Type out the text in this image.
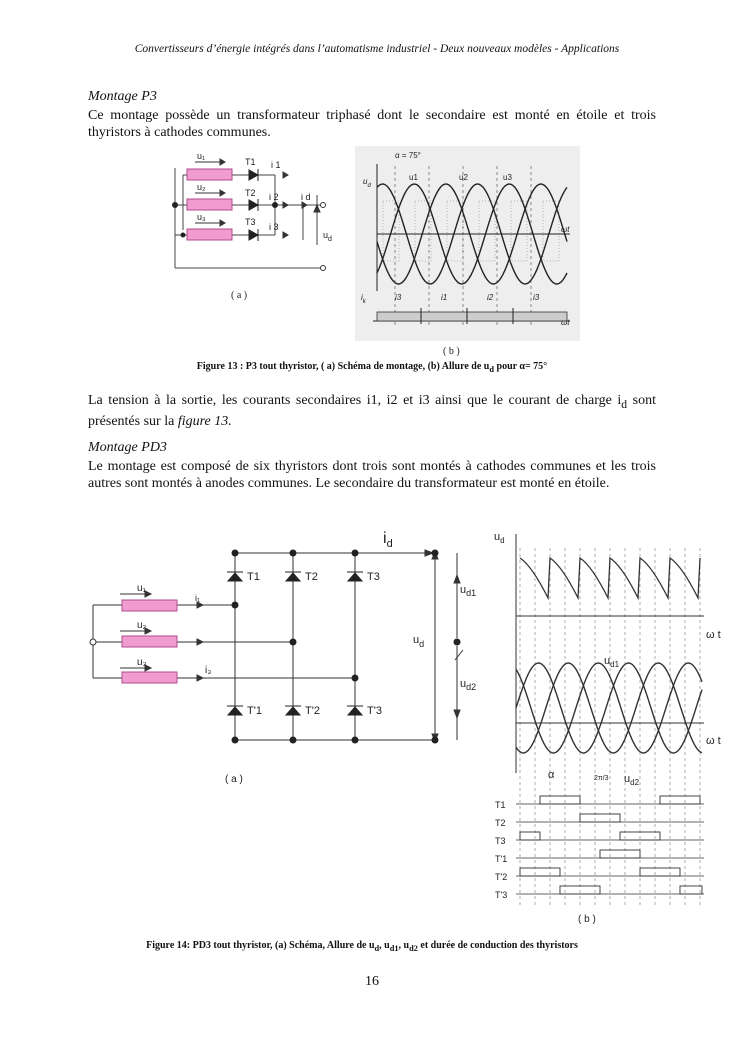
Convertisseurs d’énergie intégrés dans l’automatisme industriel - Deux nouveaux modèles - Applications
Montage P3
Ce montage possède un transformateur triphasé dont le secondaire est monté en étoile et trois thyristors à cathodes communes.
u₁
u₂
u₃
T1
T2
T3
i 1
i 2
i 3
i d
$u_d$
( a )
α = 75°
$u_d$
u1	u2	u3
ωt
$i_k$	i3	i1	i2	i3
ωt
( b )
Figure 13 : P3 tout thyristor, ( a) Schéma de montage, (b) Allure de $u_d$ pour α= 75°
La tension à la sortie, les courants secondaires i1, i2 et i3 ainsi que le courant de charge $i_d$ sont présentés sur la figure 13.
Montage PD3
Le montage est composé de six thyristors dont trois sont montés à cathodes communes et les trois autres sont montés à anodes communes. Le secondaire du transformateur est monté en étoile.
$i_d$
T1	T2	T3
T'1	T'2	T'3
u₁
u₂
u₃
i₁
i₃
$u_d$
$u_{d1}$
$u_{d2}$
( a )
$u_d$
ω t
$u_{d1}$
ω t
α	2π/3 $u_{d2}$
T1
T2
T3
T'1
T'2
T'3
( b )
Figure 14: PD3 tout thyristor, (a) Schéma, Allure de $u_d$, $u_{d1}$, $u_{d2}$ et durée de conduction des thyristors
16
